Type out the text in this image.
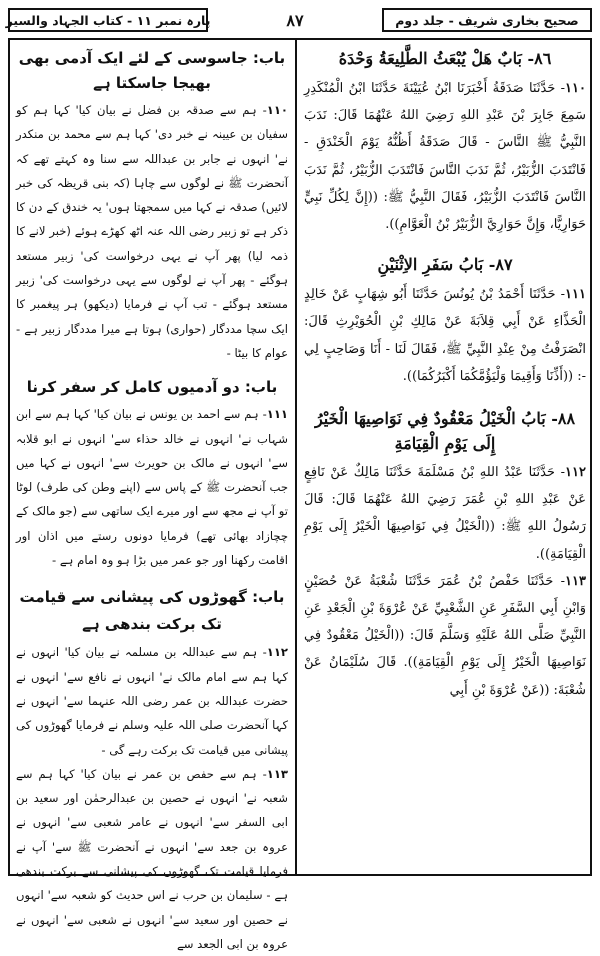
صحیح بخاری شریف - جلد دوم
۸۷
پارہ نمبر ۱۱ - کتاب الجہاد والسیر
٨٦- بَابٌ هَلْ يُبْعَثُ الطَّلِيعَةُ وَحْدَهُ

١١٠- حَدَّثَنَا صَدَقَةُ أَخْبَرَنَا ابْنُ عُيَيْنَةَ حَدَّثَنَا ابْنُ الْمُنْكَدِرِ سَمِعَ جَابِرَ بْنَ عَبْدِ اللهِ رَضِيَ اللهُ عَنْهُمَا قَالَ: نَدَبَ النَّبِيُّ ﷺ النَّاسَ - قَالَ صَدَقَةُ أَظُنُّهُ يَوْمَ الْخَنْدَقِ - فَانْتَدَبَ الزُّبَيْرُ، ثُمَّ نَدَبَ النَّاسَ فَانْتَدَبَ الزُّبَيْرُ، ثُمَّ نَدَبَ النَّاسَ فَانْتَدَبَ الزُّبَيْرُ، فَقَالَ النَّبِيُّ ﷺ: ((إِنَّ لِكُلِّ نَبِيٍّ حَوَارِيًّا، وَإِنَّ حَوَارِيَّ الزُّبَيْرُ بْنُ الْعَوَّامِ)).

٨٧- بَابُ سَفَرِ الاِثْنَيْنِ

١١١- حَدَّثَنَا أَحْمَدُ بْنُ يُونُسَ حَدَّثَنَا أَبُو شِهَابٍ عَنْ خَالِدٍ الْحَذَّاءِ عَنْ أَبِي قِلاَبَةَ عَنْ مَالِكِ بْنِ الْحُوَيْرِثِ قَالَ: انْصَرَفْتُ مِنْ عِنْدِ النَّبِيِّ ﷺ، فَقَالَ لَنَا - أَنَا وَصَاحِبٍ لِي -: ((أَذِّنَا وَأَقِيمَا وَلْيَؤُمَّكُمَا أَكْبَرُكُمَا)).

٨٨- بَابُ الْخَيْلُ مَعْقُودٌ فِي نَوَاصِيهَا الْخَيْرُ إِلَى يَوْمِ الْقِيَامَةِ

١١٢- حَدَّثَنَا عَبْدُ اللهِ بْنُ مَسْلَمَةَ حَدَّثَنَا مَالِكٌ عَنْ نَافِعٍ عَنْ عَبْدِ اللهِ بْنِ عُمَرَ رَضِيَ اللهُ عَنْهُمَا قَالَ: قَالَ رَسُولُ اللهِ ﷺ: ((الْخَيْلُ فِي نَوَاصِيهَا الْخَيْرُ إِلَى يَوْمِ الْقِيَامَةِ)).

١١٣- حَدَّثَنَا حَفْصُ بْنُ عُمَرَ حَدَّثَنَا شُعْبَةُ عَنْ حُصَيْنٍ وَابْنِ أَبِي السَّفَرِ عَنِ الشَّعْبِيِّ عَنْ عُرْوَةَ بْنِ الْجَعْدِ عَنِ النَّبِيِّ صَلَّى اللهُ عَلَيْهِ وَسَلَّمَ قَالَ: ((الْخَيْلُ مَعْقُودٌ فِي نَوَاصِيهَا الْخَيْرُ إِلَى يَوْمِ الْقِيَامَةِ)). قَالَ سُلَيْمَانُ عَنْ شُعْبَةَ: ((عَنْ عُرْوَةَ بْنِ أَبِي

باب: جاسوسی کے لئے ایک آدمی بھی بھیجا جاسکتا ہے

۱۱۰- ہم سے صدقہ بن فضل نے بیان کیا' کہا ہم کو سفیان بن عیینہ نے خبر دی' کہا ہم سے محمد بن منکدر نے' انہوں نے جابر بن عبداللہ سے سنا وہ کہتے تھے کہ آنحضرت ﷺ نے لوگوں سے چاہا (کہ بنی قریظہ کی خبر لائیں) صدقہ نے کہا میں سمجھتا ہوں' یہ خندق کے دن کا ذکر ہے تو زبیر رضی اللہ عنہ اٹھ کھڑے ہوئے (خبر لانے کا ذمہ لیا) پھر آپ نے یہی درخواست کی' زبیر مستعد ہوگئے - پھر آپ نے لوگوں سے یہی درخواست کی' زبیر مستعد ہوگئے - تب آپ نے فرمایا (دیکھو) ہر پیغمبر کا ایک سچا مددگار (حواری) ہوتا ہے میرا مددگار زبیر ہے - عوام کا بیٹا -

باب: دو آدمیوں کامل کر سفر کرنا

۱۱۱- ہم سے احمد بن یونس نے بیان کیا' کہا ہم سے ابن شہاب نے' انہوں نے خالد حذاء سے' انہوں نے ابو قلابہ سے' انہوں نے مالک بن حویرث سے' انہوں نے کہا میں جب آنحضرت ﷺ کے پاس سے (اپنے وطن کی طرف) لوٹا تو آپ نے مجھ سے اور میرے ایک ساتھی سے (جو مالک کے چچازاد بھائی تھے) فرمایا دونوں رستے میں اذان اور اقامت رکھنا اور جو عمر میں بڑا ہو وہ امام ہے -

باب: گھوڑوں کی پیشانی سے قیامت تک برکت بندھی ہے

۱۱۲- ہم سے عبداللہ بن مسلمہ نے بیان کیا' انہوں نے کہا ہم سے امام مالک نے' انہوں نے نافع سے' انہوں نے حضرت عبداللہ بن عمر رضی اللہ عنہما سے' انہوں نے کہا آنحضرت صلی اللہ علیہ وسلم نے فرمایا گھوڑوں کی پیشانی میں قیامت تک برکت رہے گی -

۱۱۳- ہم سے حفص بن عمر نے بیان کیا' کہا ہم سے شعبہ نے' انہوں نے حصین بن عبدالرحمٰن اور سعید بن ابی السفر سے' انہوں نے عامر شعبی سے' انہوں نے عروہ بن جعد سے' انہوں نے آنحضرت ﷺ سے' آپ نے فرمایا قیامت تک گھوڑوں کی پیشانی سے برکت بندھی ہے - سلیمان بن حرب نے اس حدیث کو شعبہ سے' انہوں نے حصین اور سعید سے' انہوں نے شعبی سے' انہوں نے عروہ بن ابی الجعد سے
